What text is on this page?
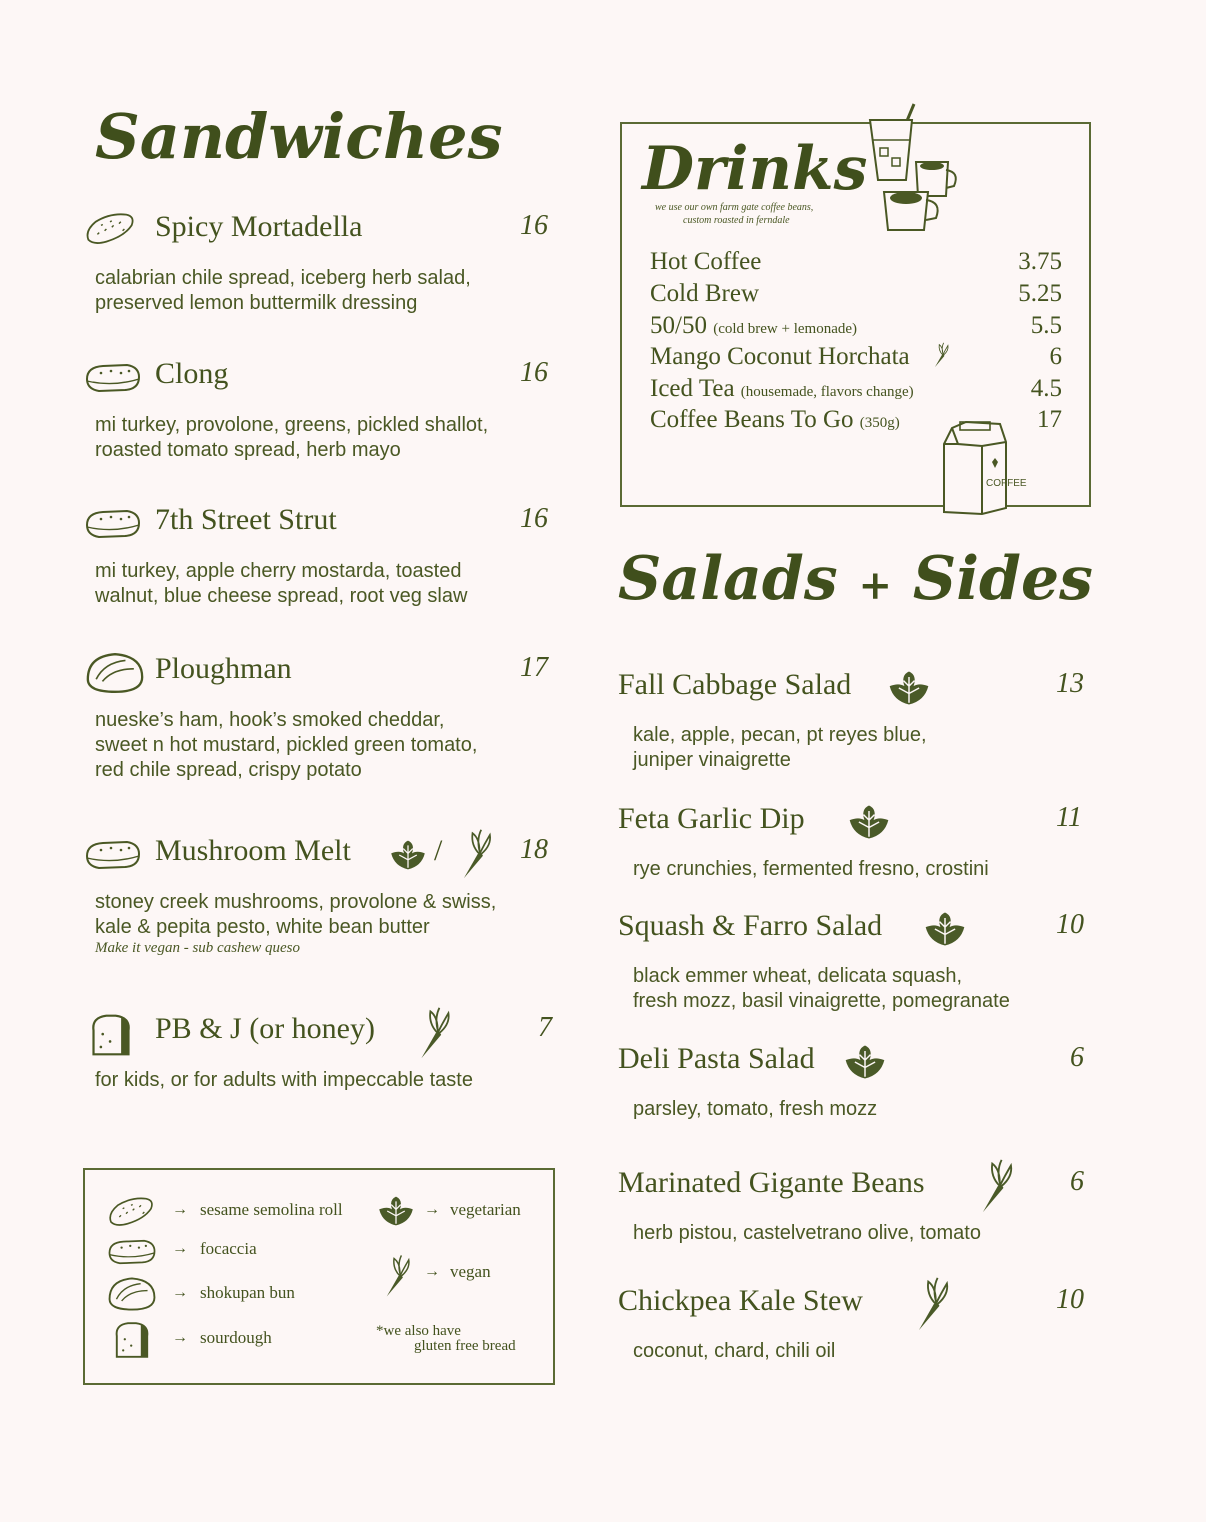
Sandwiches
Spicy Mortadella	16
calabrian chile spread, iceberg herb salad,
preserved lemon buttermilk dressing
Clong	16
mi turkey, provolone, greens, pickled shallot,
roasted tomato spread, herb mayo
7th Street Strut	16
mi turkey, apple cherry mostarda, toasted
walnut, blue cheese spread, root veg slaw
Ploughman	17
nueske’s ham, hook’s smoked cheddar,
sweet n hot mustard, pickled green tomato,
red chile spread, crispy potato
Mushroom Melt	18
/
stoney creek mushrooms, provolone & swiss,
kale & pepita pesto, white bean butter
Make it vegan - sub cashew queso
PB & J (or honey)	7
for kids, or for adults with impeccable taste
→
→
→
→
sesame semolina roll
focaccia
shokupan bun
sourdough
→ vegetarian
→ vegan
*we also have
gluten free bread
Drinks
we use our own farm gate coffee beans,
custom roasted in ferndale
Hot Coffee	3.75
Cold Brew	5.25
50/50 (cold brew + lemonade)	5.5
Mango Coconut Horchata	6
Iced Tea (housemade, flavors change)	4.5
Coffee Beans To Go (350g)	17
COFFEE
Salads + Sides
Fall Cabbage Salad	13
kale, apple, pecan, pt reyes blue,
juniper vinaigrette
Feta Garlic Dip	11
rye crunchies, fermented fresno, crostini
Squash & Farro Salad	10
black emmer wheat, delicata squash,
fresh mozz, basil vinaigrette, pomegranate
Deli Pasta Salad	6
parsley, tomato, fresh mozz
Marinated Gigante Beans	6
herb pistou, castelvetrano olive, tomato
Chickpea Kale Stew	10
coconut, chard, chili oil
